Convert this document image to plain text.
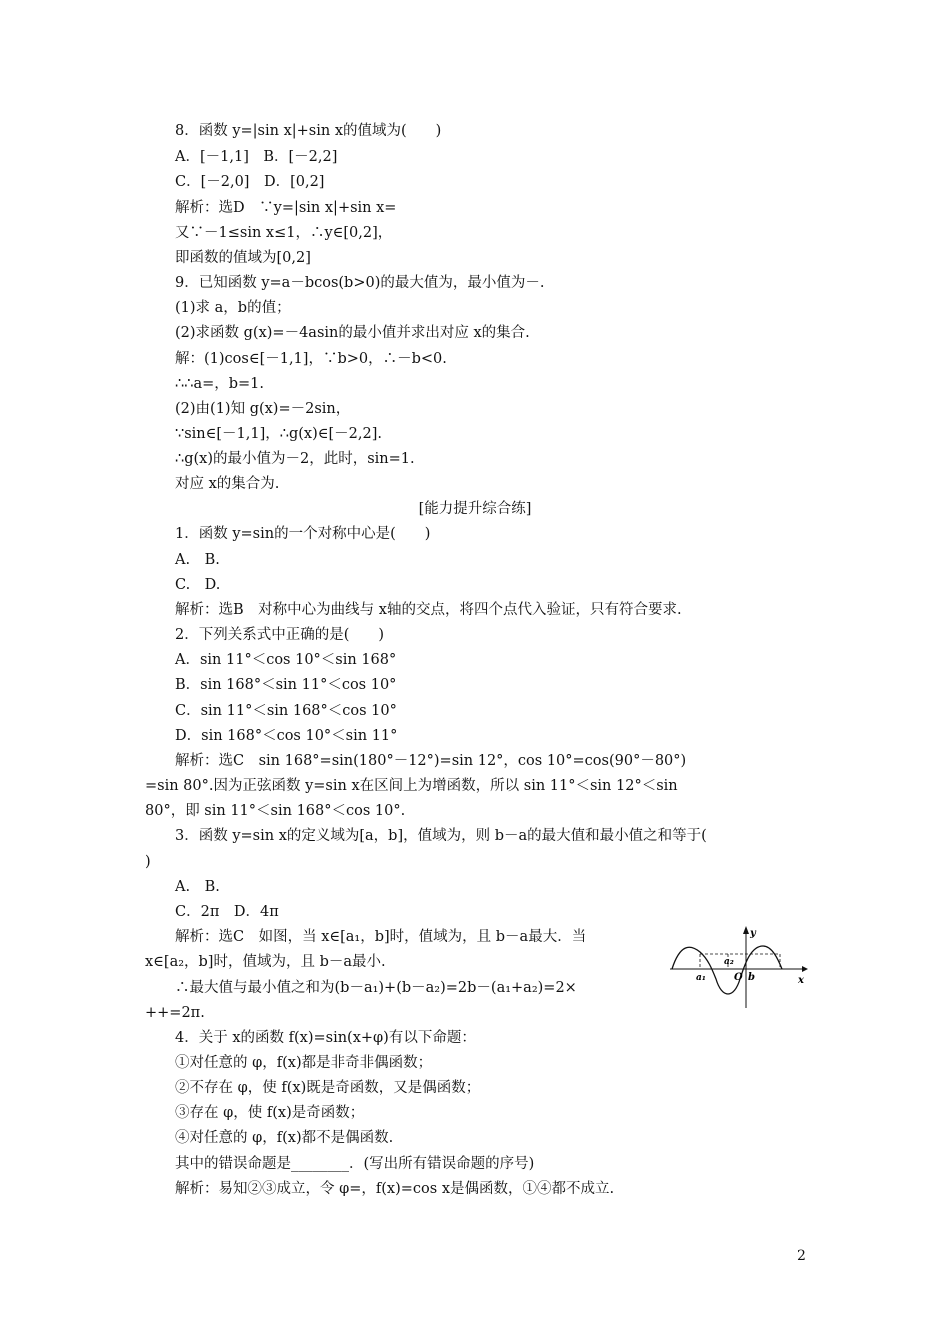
8．函数 y=|sin x|+sin x的值域为(　　)
A．[－1,1]　B．[－2,2]
C．[－2,0]　D．[0,2]
解析：选D　∵y=|sin x|+sin x=
又∵－1≤sin x≤1，∴y∈[0,2]，
即函数的值域为[0,2]
9．已知函数 y=a－bcos(b>0)的最大值为，最小值为－.
(1)求 a，b的值；
(2)求函数 g(x)=－4asin的最小值并求出对应 x的集合.
解：(1)cos∈[－1,1]，∵b>0，∴－b<0.
∴∴a=，b=1.
(2)由(1)知 g(x)=－2sin，
∵sin∈[－1,1]，∴g(x)∈[－2,2].
∴g(x)的最小值为－2，此时，sin=1.
对应 x的集合为.
[能力提升综合练]
1．函数 y=sin的一个对称中心是(　　)
A.　B.
C.　D.
解析：选B　对称中心为曲线与 x轴的交点，将四个点代入验证，只有符合要求.
2．下列关系式中正确的是(　　)
A．sin 11°＜cos 10°＜sin 168°
B．sin 168°＜sin 11°＜cos 10°
C．sin 11°＜sin 168°＜cos 10°
D．sin 168°＜cos 10°＜sin 11°
解析：选C　sin 168°=sin(180°－12°)=sin 12°，cos 10°=cos(90°－80°)
=sin 80°.因为正弦函数 y=sin x在区间上为增函数，所以 sin 11°＜sin 12°＜sin
80°，即 sin 11°＜sin 168°＜cos 10°.
3．函数 y=sin x的定义域为[a，b]，值域为，则 b－a的最大值和最小值之和等于(
)
A.　B.
C．2π　D．4π
解析：选C　如图，当 x∈[a₁，b]时，值域为，且 b－a最大．当
x∈[a₂，b]时，值域为，且 b－a最小.
∴最大值与最小值之和为(b－a₁)+(b－a₂)=2b－(a₁+a₂)=2×
++=2π.
4．关于 x的函数 f(x)=sin(x+φ)有以下命题：
①对任意的 φ，f(x)都是非奇非偶函数；
②不存在 φ，使 f(x)既是奇函数，又是偶函数；
③存在 φ，使 f(x)是奇函数；
④对任意的 φ，f(x)都不是偶函数.
其中的错误命题是________．(写出所有错误命题的序号)
解析：易知②③成立，令 φ=，f(x)=cos x是偶函数，①④都不成立.
y
x
O b
a₁
a₂
2
